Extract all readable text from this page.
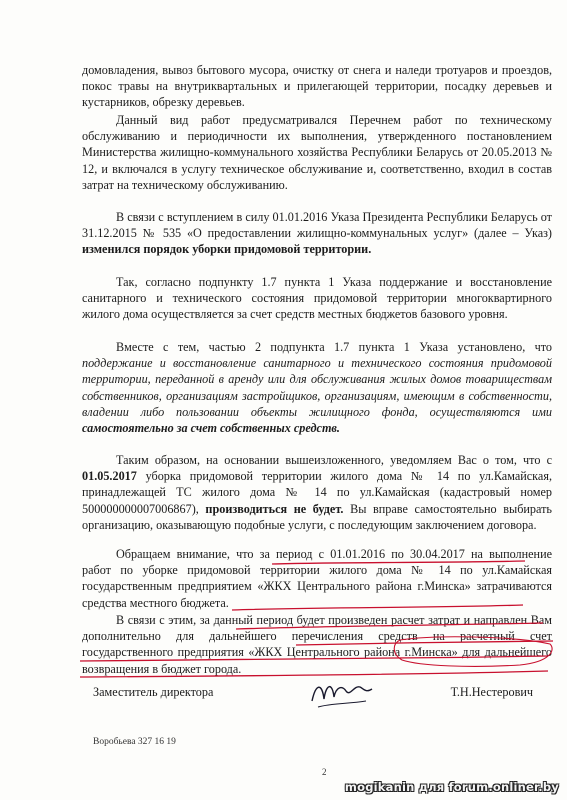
домовладения, вывоз бытового мусора, очистку от снега и наледи тротуаров и проездов, покос травы на внутриквартальных и прилегающей территории, посадку деревьев и кустарников, обрезку деревьев.

Данный вид работ предусматривался Перечнем работ по техническому обслуживанию и периодичности их выполнения, утвержденного постановлением Министерства жилищно-коммунального хозяйства Республики Беларусь от 20.05.2013 № 12, и включался в услугу техническое обслуживание и, соответственно, входил в состав затрат на техническому обслуживанию.

В связи с вступлением в силу 01.01.2016 Указа Президента Республики Беларусь от 31.12.2015 № 535 «О предоставлении жилищно-коммунальных услуг» (далее – Указ) изменился порядок уборки придомовой территории.

Так, согласно подпункту 1.7 пункта 1 Указа поддержание и восстановление санитарного и технического состояния придомовой территории многоквартирного жилого дома осуществляется за счет средств местных бюджетов базового уровня.

Вместе с тем, частью 2 подпункта 1.7 пункта 1 Указа установлено, что поддержание и восстановление санитарного и технического состояния придомовой территории, переданной в аренду или для обслуживания жилых домов товариществам собственников, организациям застройщиков, организациям, имеющим в собственности, владении либо пользовании объекты жилищного фонда, осуществляются ими самостоятельно за счет собственных средств.

Таким образом, на основании вышеизложенного, уведомляем Вас о том, что с 01.05.2017 уборка придомовой территории жилого дома № 14 по ул.Камайская, принадлежащей ТС жилого дома № 14 по ул.Камайская (кадастровый номер 500000000007006867), производиться не будет. Вы вправе самостоятельно выбирать организацию, оказывающую подобные услуги, с последующим заключением договора.

Обращаем внимание, что за период с 01.01.2016 по 30.04.2017 на выполнение работ по уборке придомовой территории жилого дома № 14 по ул.Камайская государственным предприятием «ЖКХ Центрального района г.Минска» затрачиваются средства местного бюджета.

В связи с этим, за данный период будет произведен расчет затрат и направлен Вам дополнительно для дальнейшего перечисления средств на расчетный счет государственного предприятия «ЖКХ Центрального района г.Минска» для дальнейшего возвращения в бюджет города.

Заместитель директора	Т.Н.Нестерович
Воробьева 327 16 19
2
mogikanin для forum.onliner.by
